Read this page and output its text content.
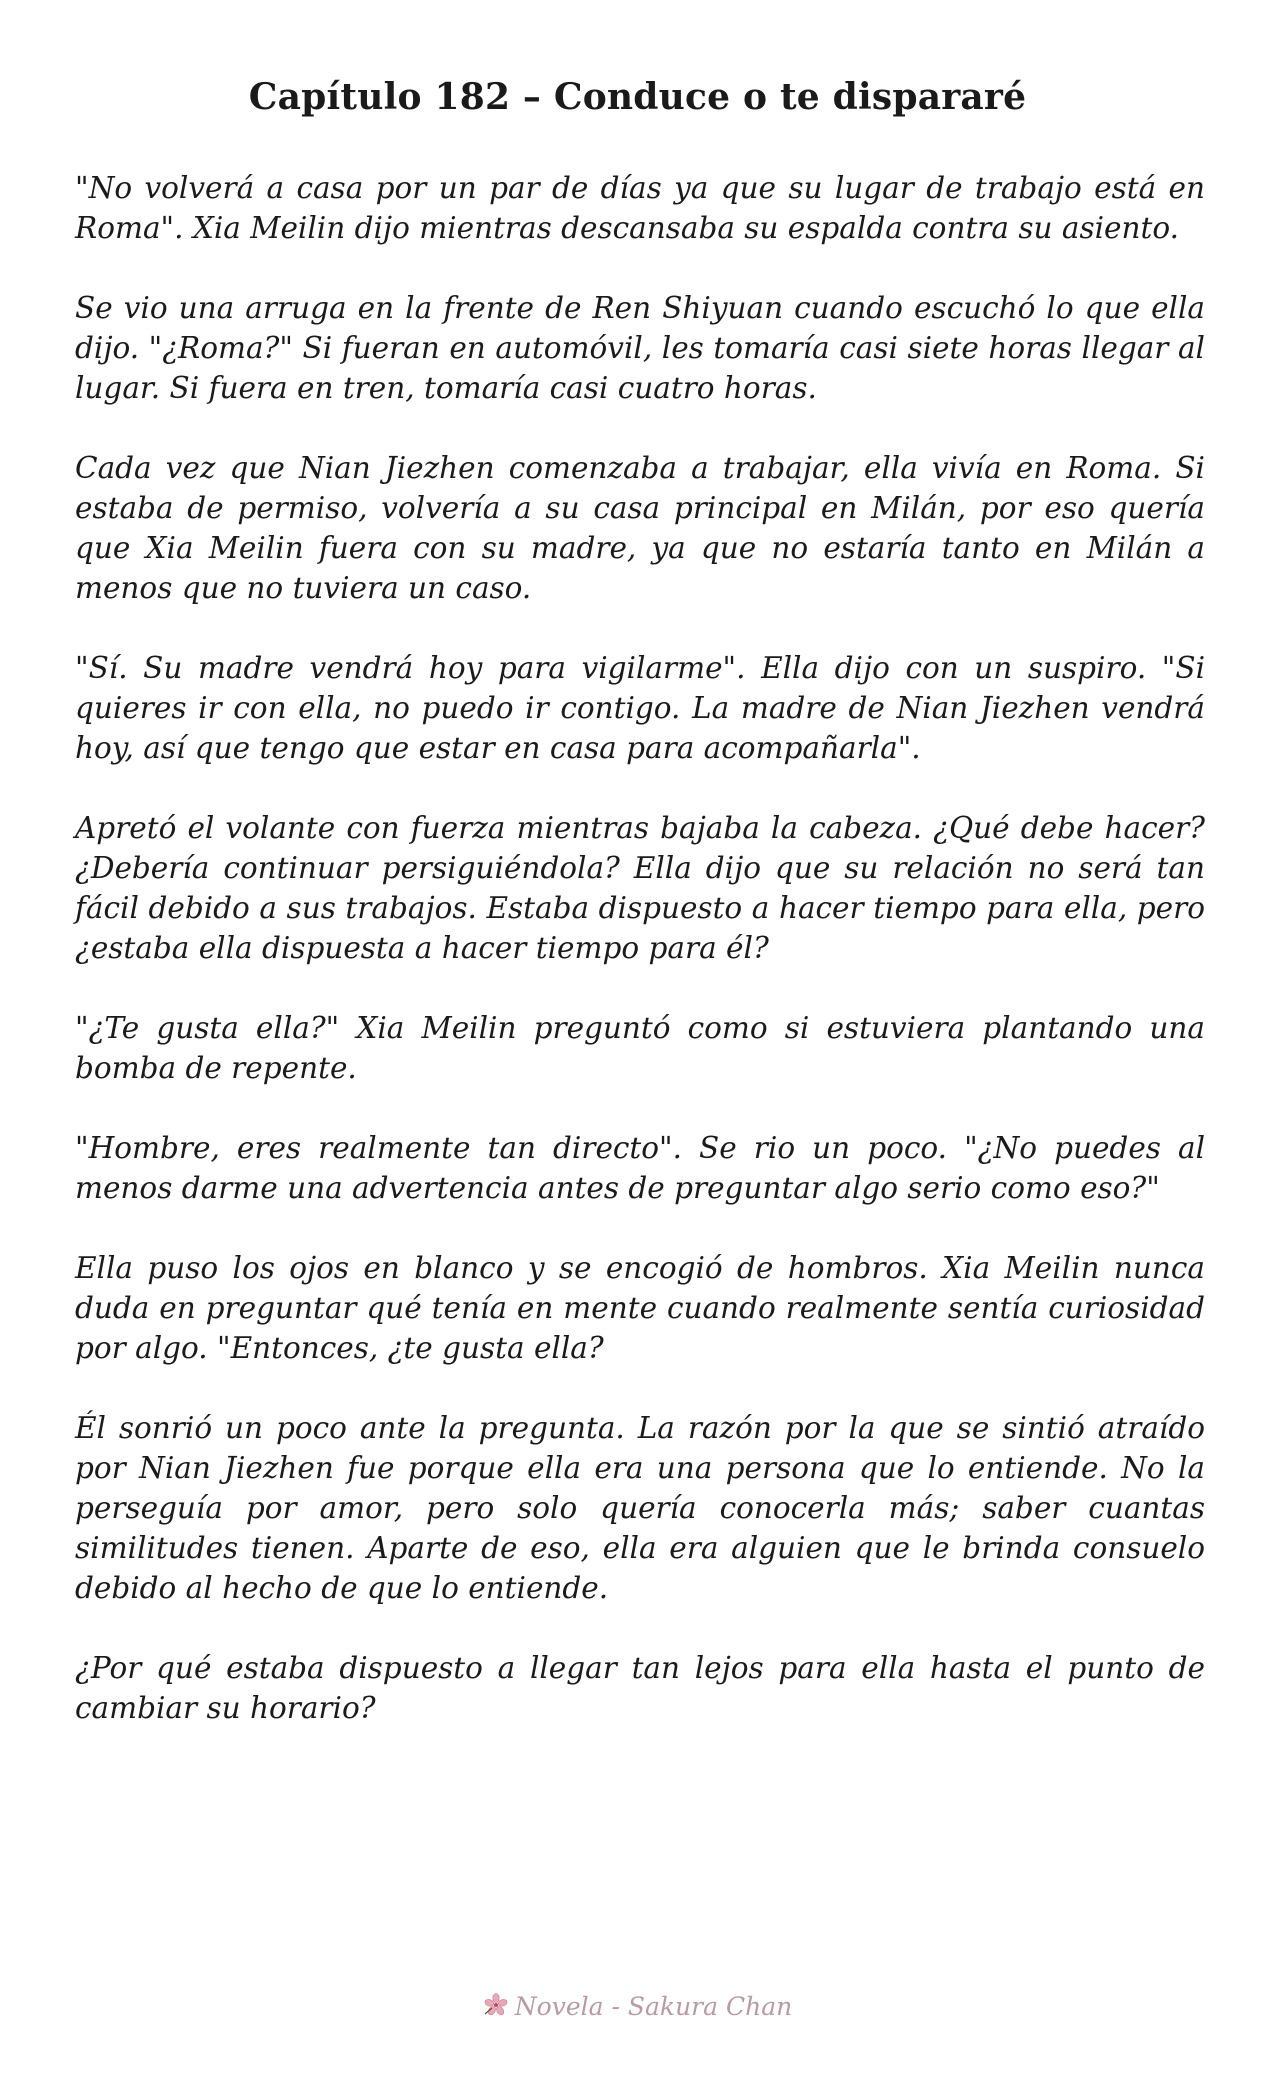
Capítulo 182 – Conduce o te dispararé

"No volverá a casa por un par de días ya que su lugar de trabajo está en Roma". Xia Meilin dijo mientras descansaba su espalda contra su asiento.

Se vio una arruga en la frente de Ren Shiyuan cuando escuchó lo que ella dijo. "¿Roma?" Si fueran en automóvil, les tomaría casi siete horas llegar al lugar. Si fuera en tren, tomaría casi cuatro horas.

Cada vez que Nian Jiezhen comenzaba a trabajar, ella vivía en Roma. Si estaba de permiso, volvería a su casa principal en Milán, por eso quería que Xia Meilin fuera con su madre, ya que no estaría tanto en Milán a menos que no tuviera un caso.

"Sí. Su madre vendrá hoy para vigilarme". Ella dijo con un suspiro. "Si quieres ir con ella, no puedo ir contigo. La madre de Nian Jiezhen vendrá hoy, así que tengo que estar en casa para acompañarla".

Apretó el volante con fuerza mientras bajaba la cabeza. ¿Qué debe hacer? ¿Debería continuar persiguiéndola? Ella dijo que su relación no será tan fácil debido a sus trabajos. Estaba dispuesto a hacer tiempo para ella, pero ¿estaba ella dispuesta a hacer tiempo para él?

"¿Te gusta ella?" Xia Meilin preguntó como si estuviera plantando una bomba de repente.

"Hombre, eres realmente tan directo". Se rio un poco. "¿No puedes al menos darme una advertencia antes de preguntar algo serio como eso?"

Ella puso los ojos en blanco y se encogió de hombros. Xia Meilin nunca duda en preguntar qué tenía en mente cuando realmente sentía curiosidad por algo. "Entonces, ¿te gusta ella?

Él sonrió un poco ante la pregunta. La razón por la que se sintió atraído por Nian Jiezhen fue porque ella era una persona que lo entiende. No la perseguía por amor, pero solo quería conocerla más; saber cuantas similitudes tienen. Aparte de eso, ella era alguien que le brinda consuelo debido al hecho de que lo entiende.

¿Por qué estaba dispuesto a llegar tan lejos para ella hasta el punto de cambiar su horario?

Novela - Sakura Chan
